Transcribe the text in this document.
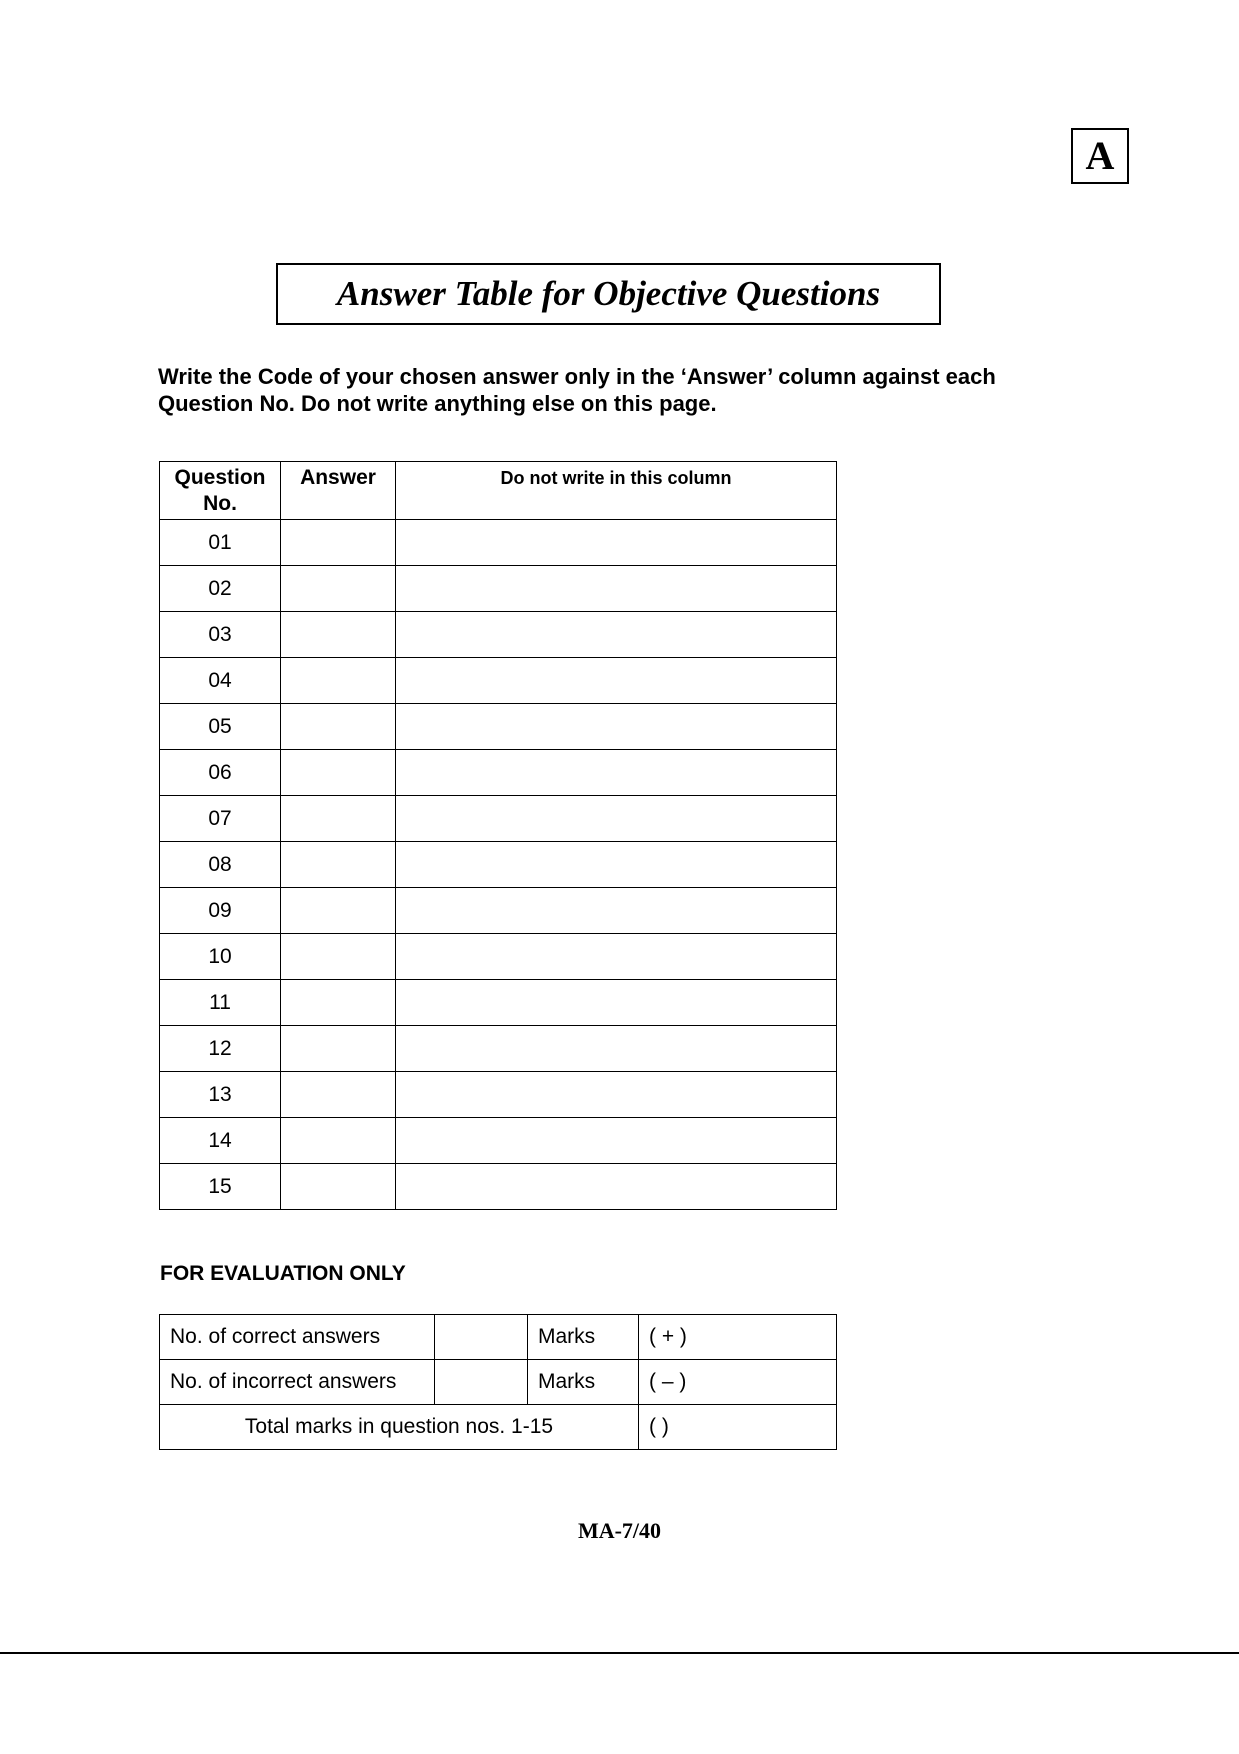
A
Answer Table for Objective Questions
Write the Code of your chosen answer only in the ‘Answer’ column against each Question No. Do not write anything else on this page.
Question No.	Answer	Do not write in this column
01		
02		
03		
04		
05		
06		
07		
08		
09		
10		
11		
12		
13		
14		
15		
FOR EVALUATION ONLY
No. of correct answers		Marks	( + )
No. of incorrect answers		Marks	( – )
Total marks in question nos. 1-15			( )
MA-7/40
